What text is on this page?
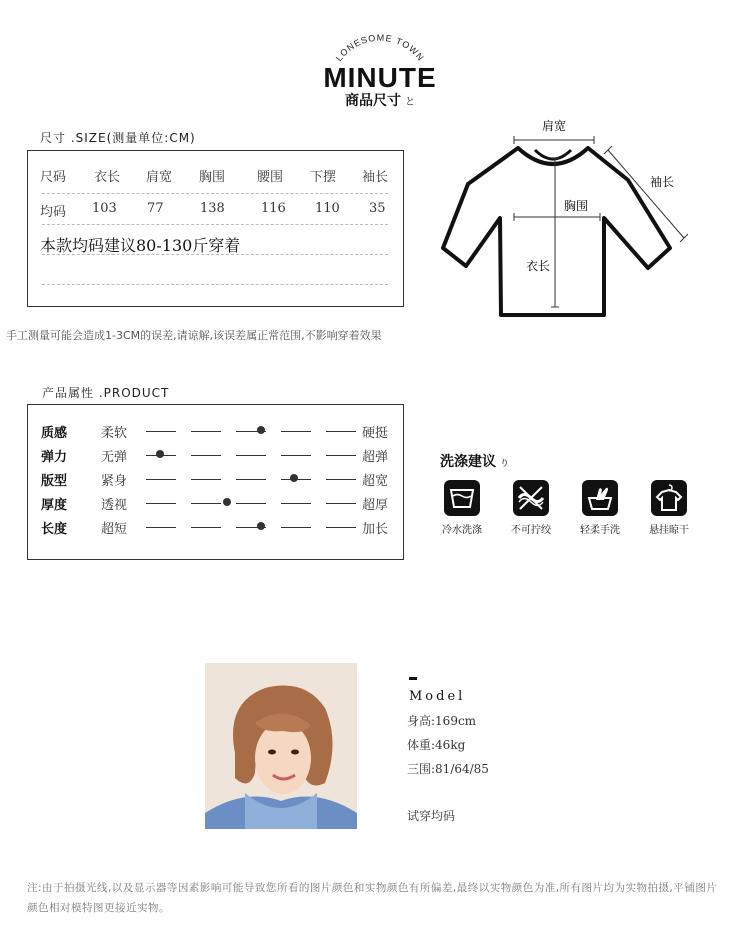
LONESOME TOWN
MINUTE
商品尺寸 と
尺寸 .SIZE(测量单位:CM)
尺码 衣长 肩宽 胸围 腰围 下摆 袖长
均码 103 77	138	116 110 35
本款均码建议80-130斤穿着
肩宽
胸围
衣长
袖长
手工测量可能会造成1-3CM的误差,请谅解,该误差属正常范围,不影响穿着效果
产品属性 .PRODUCT
质感	柔软	硬挺
弹力	无弹	超弹
版型	紧身	超宽
厚度	透视	超厚
长度	超短	加长
洗涤建议 り
冷水洗涤	不可拧绞	轻柔手洗	悬挂晾干
Model
身高:169cm
体重:46kg
三围:81/64/85
试穿均码
注:由于拍摄光线,以及显示器等因素影响可能导致您所看的图片颜色和实物颜色有所偏差,最终以实物颜色为准,所有图片均为实物拍摄,平铺图片颜色相对模特图更接近实物。
